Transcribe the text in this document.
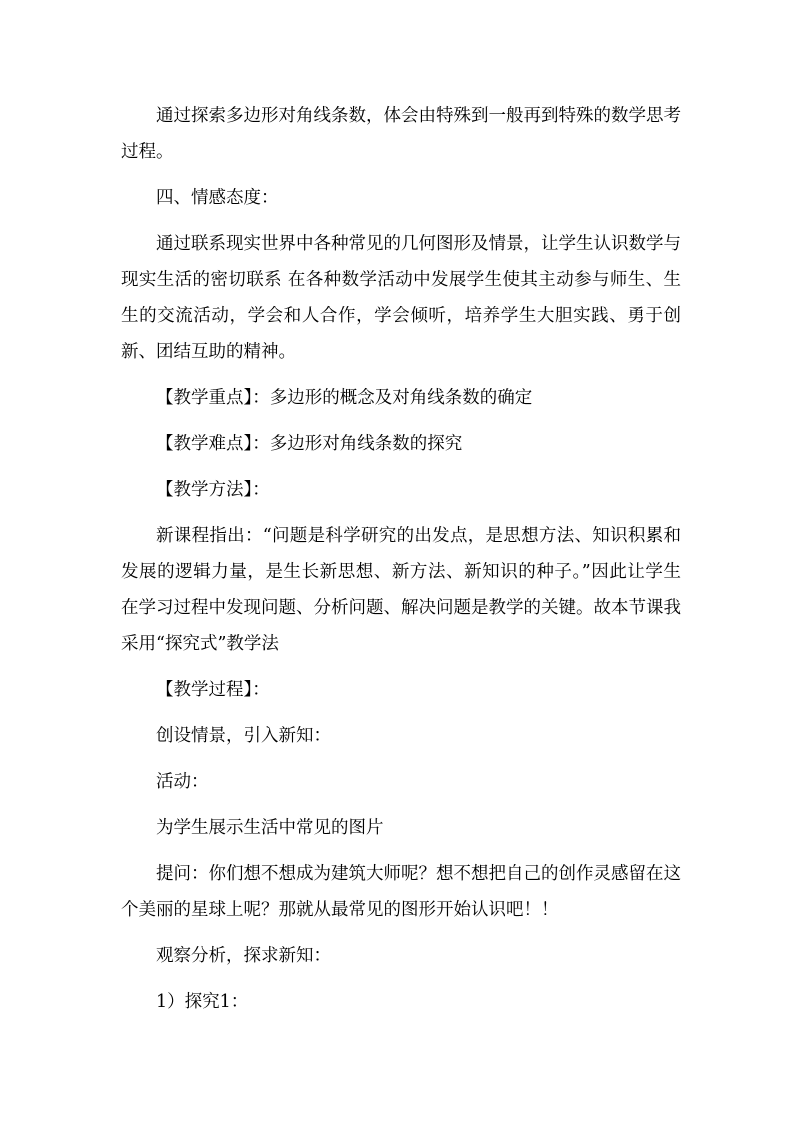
通过探索多边形对角线条数，体会由特殊到一般再到特殊的数学思考过程。

四、情感态度：

通过联系现实世界中各种常见的几何图形及情景，让学生认识数学与现实生活的密切联系 在各种数学活动中发展学生使其主动参与师生、生生的交流活动，学会和人合作，学会倾听，培养学生大胆实践、勇于创新、团结互助的精神。

【教学重点】：多边形的概念及对角线条数的确定

【教学难点】：多边形对角线条数的探究

【教学方法】：

新课程指出：“问题是科学研究的出发点，是思想方法、知识积累和发展的逻辑力量，是生长新思想、新方法、新知识的种子。”因此让学生在学习过程中发现问题、分析问题、解决问题是教学的关键。故本节课我采用“探究式”教学法

【教学过程】：

创设情景，引入新知：

活动：

为学生展示生活中常见的图片

提问：你们想不想成为建筑大师呢？想不想把自己的创作灵感留在这个美丽的星球上呢？那就从最常见的图形开始认识吧！！

观察分析，探求新知：

1）探究1：
